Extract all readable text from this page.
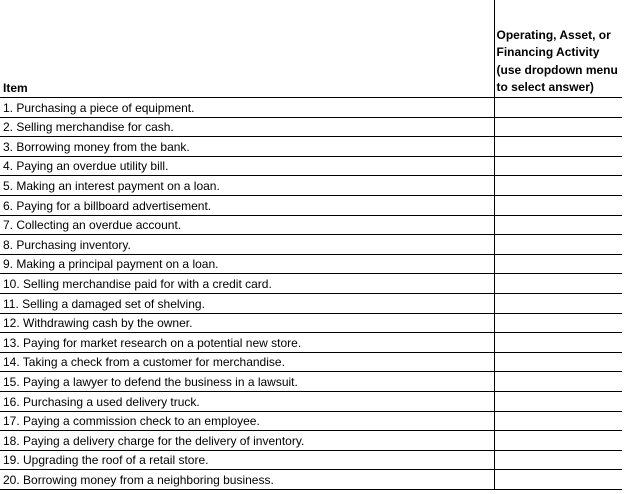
Item	Operating, Asset, or Financing Activity (use dropdown menu to select answer)
1. Purchasing a piece of equipment.	
2. Selling merchandise for cash.	
3. Borrowing money from the bank.	
4. Paying an overdue utility bill.	
5. Making an interest payment on a loan.	
6. Paying for a billboard advertisement.	
7. Collecting an overdue account.	
8. Purchasing inventory.	
9. Making a principal payment on a loan.	
10. Selling merchandise paid for with a credit card.	
11. Selling a damaged set of shelving.	
12. Withdrawing cash by the owner.	
13. Paying for market research on a potential new store.	
14. Taking a check from a customer for merchandise.	
15. Paying a lawyer to defend the business in a lawsuit.	
16. Purchasing a used delivery truck.	
17. Paying a commission check to an employee.	
18. Paying a delivery charge for the delivery of inventory.	
19. Upgrading the roof of a retail store.	
20. Borrowing money from a neighboring business.	
